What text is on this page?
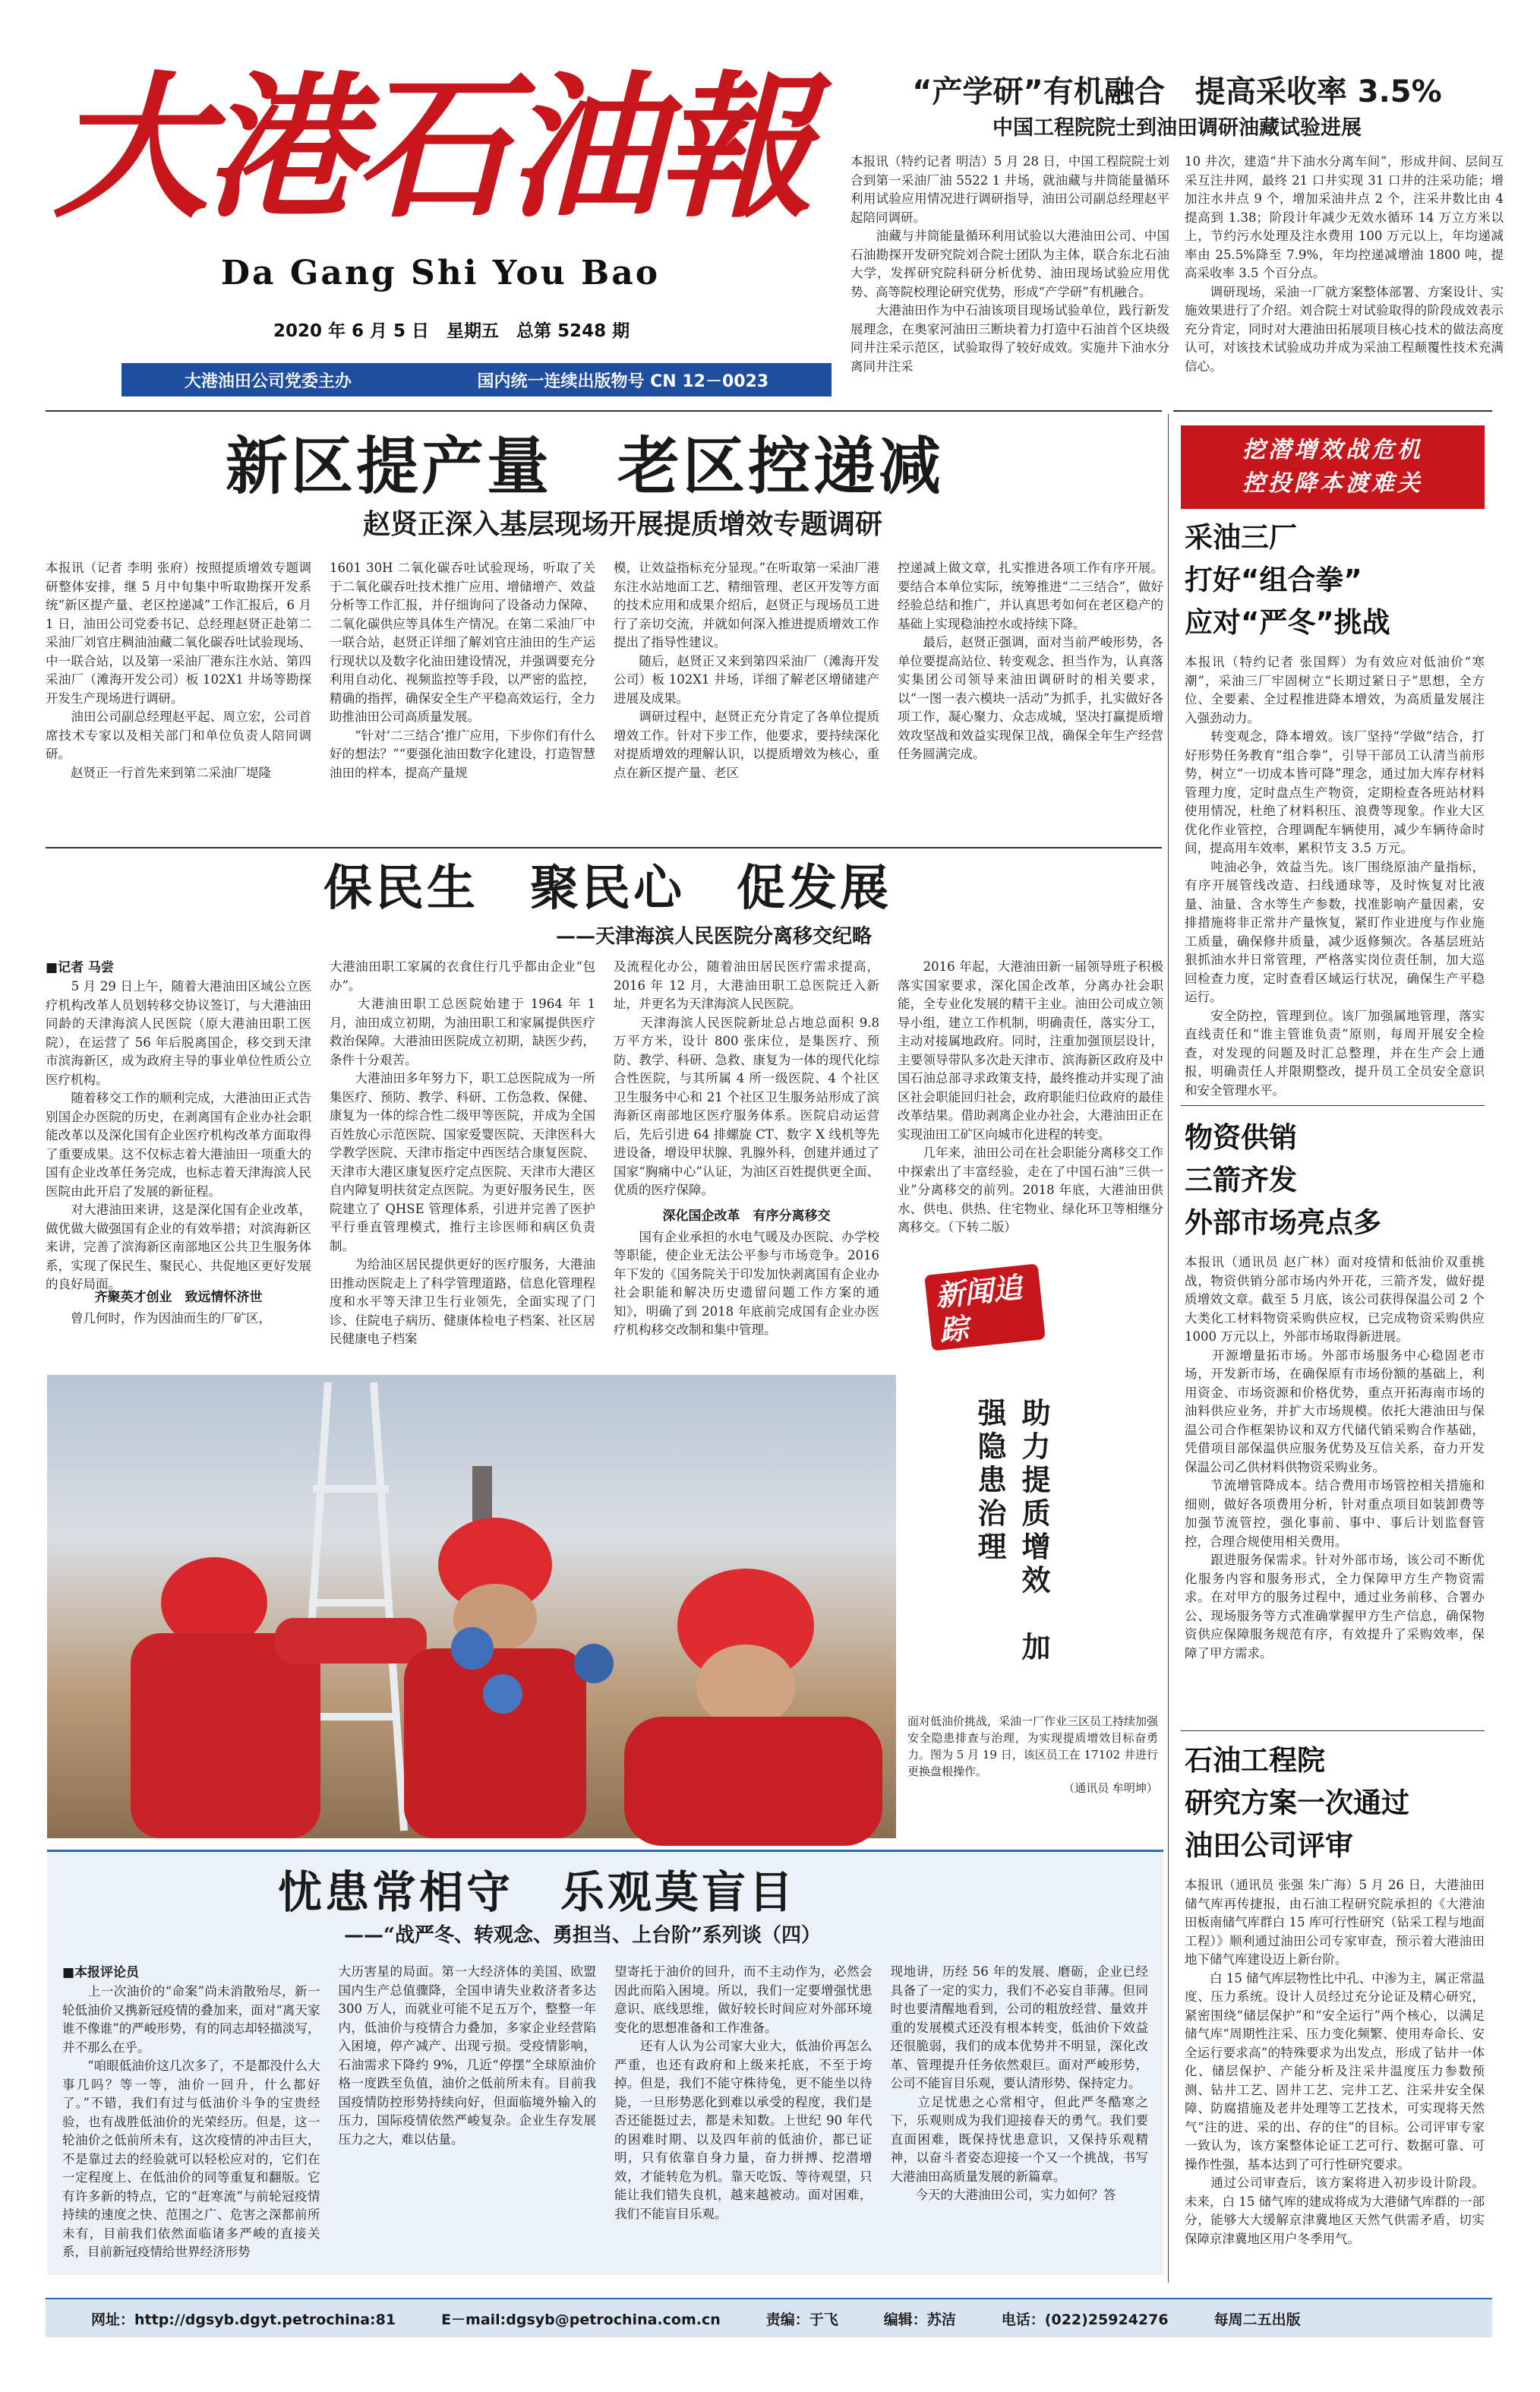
大港石油報
Da Gang Shi You Bao
2020 年 6 月 5 日　星期五　总第 5248 期
大港油田公司党委主办	国内统一连续出版物号 CN 12－0023
“产学研”有机融合　提高采收率 3.5%
中国工程院院士到油田调研油藏试验进展
本报讯（特约记者 明洁）5 月 28 日，中国工程院院士刘合到第一采油厂油 5522 1 井场，就油藏与井筒能量循环利用试验应用情况进行调研指导，油田公司副总经理赵平起陪同调研。
　　油藏与井筒能量循环利用试验以大港油田公司、中国石油勘探开发研究院刘合院士团队为主体，联合东北石油大学，发挥研究院科研分析优势、油田现场试验应用优势、高等院校理论研究优势，形成“产学研”有机融合。
　　大港油田作为中石油该项目现场试验单位，践行新发展理念，在奥家河油田三断块着力打造中石油首个区块级同井注采示范区，试验取得了较好成效。实施井下油水分离同井注采
10 井次，建造“井下油水分离车间”，形成井间、层间互采互注井网，最终 21 口井实现 31 口井的注采功能；增加注水井点 9 个，增加采油井点 2 个，注采井数比由 4 提高到 1.38；阶段计年减少无效水循环 14 万立方米以上，节约污水处理及注水费用 100 万元以上，年均递减率由 25.5%降至 7.9%，年均控递减增油 1800 吨，提高采收率 3.5 个百分点。
　　调研现场，采油一厂就方案整体部署、方案设计、实施效果进行了介绍。刘合院士对试验取得的阶段成效表示充分肯定，同时对大港油田拓展项目核心技术的做法高度认可，对该技术试验成功并成为采油工程颠覆性技术充满信心。
新区提产量　老区控递减
赵贤正深入基层现场开展提质增效专题调研
本报讯（记者 李明 张府）按照提质增效专题调研整体安排，继 5 月中旬集中听取勘探开发系统“新区提产量、老区控递减”工作汇报后，6 月 1 日，油田公司党委书记、总经理赵贤正赴第二采油厂刘官庄稠油油藏二氧化碳吞吐试验现场、中一联合站，以及第一采油厂港东注水站、第四采油厂（滩海开发公司）板 102X1 井场等勘探开发生产现场进行调研。
　　油田公司副总经理赵平起、周立宏，公司首席技术专家以及相关部门和单位负责人陪同调研。
　　赵贤正一行首先来到第二采油厂堤隆
1601 30H 二氧化碳吞吐试验现场，听取了关于二氧化碳吞吐技术推广应用、增储增产、效益分析等工作汇报，并仔细询问了设备动力保障、二氧化碳供应等具体生产情况。在第二采油厂中一联合站，赵贤正详细了解刘官庄油田的生产运行现状以及数字化油田建设情况，并强调要充分利用自动化、视频监控等手段，以严密的监控，精确的指挥，确保安全生产平稳高效运行，全力助推油田公司高质量发展。
　　“针对‘二三结合’推广应用，下步你们有什么好的想法？”“要强化油田数字化建设，打造智慧油田的样本，提高产量规
模，让效益指标充分显现。”在听取第一采油厂港东注水站地面工艺、精细管理、老区开发等方面的技术应用和成果介绍后，赵贤正与现场员工进行了亲切交流，并就如何深入推进提质增效工作提出了指导性建议。
　　随后，赵贤正又来到第四采油厂（滩海开发公司）板 102X1 井场，详细了解老区增储建产进展及成果。
　　调研过程中，赵贤正充分肯定了各单位提质增效工作。针对下步工作，他要求，要持续深化对提质增效的理解认识，以提质增效为核心，重点在新区提产量、老区
控递减上做文章，扎实推进各项工作有序开展。要结合本单位实际，统筹推进“二三结合”，做好经验总结和推广，并认真思考如何在老区稳产的基础上实现稳油控水或持续下降。
　　最后，赵贤正强调，面对当前严峻形势，各单位要提高站位、转变观念、担当作为，认真落实集团公司领导来油田调研时的相关要求，以“一图一表六模块一活动”为抓手，扎实做好各项工作，凝心聚力、众志成城，坚决打赢提质增效攻坚战和效益实现保卫战，确保全年生产经营任务圆满完成。
保民生　聚民心　促发展
——天津海滨人民医院分离移交纪略
■记者 马尝
　　5 月 29 日上午，随着大港油田区域公立医疗机构改革人员划转移交协议签订，与大港油田同龄的天津海滨人民医院（原大港油田职工医院），在运营了 56 年后脱离国企，移交到天津市滨海新区，成为政府主导的事业单位性质公立医疗机构。
　　随着移交工作的顺利完成，大港油田正式告别国企办医院的历史，在剥离国有企业办社会职能改革以及深化国有企业医疗机构改革方面取得了重要成果。这不仅标志着大港油田一项重大的国有企业改革任务完成，也标志着天津海滨人民医院由此开启了发展的新征程。
　　对大港油田来讲，这是深化国有企业改革，做优做大做强国有企业的有效举措；对滨海新区来讲，完善了滨海新区南部地区公共卫生服务体系，实现了保民生、聚民心、共促地区更好发展的良好局面。
齐聚英才创业　致远情怀济世
　　曾几何时，作为因油而生的厂矿区，
大港油田职工家属的衣食住行几乎都由企业“包办”。
　　大港油田职工总医院始建于 1964 年 1 月，油田成立初期，为油田职工和家属提供医疗救治保障。大港油田医院成立初期，缺医少药，条件十分艰苦。
　　大港油田多年努力下，职工总医院成为一所集医疗、预防、教学、科研、工伤急救、保健、康复为一体的综合性二级甲等医院，并成为全国百姓放心示范医院、国家爱婴医院、天津医科大学教学医院、天津市指定中西医结合康复医院、天津市大港区康复医疗定点医院、天津市大港区自内障复明扶贫定点医院。为更好服务民生，医院建立了 QHSE 管理体系，引进并完善了医护平行垂直管理模式，推行主诊医师和病区负责制。
　　为给油区居民提供更好的医疗服务，大港油田推动医院走上了科学管理道路，信息化管理程度和水平等天津卫生行业领先，全面实现了门诊、住院电子病历、健康体检电子档案、社区居民健康电子档案
及流程化办公，随着油田居民医疗需求提高，2016 年 12 月，大港油田职工总医院迁入新址，并更名为天津海滨人民医院。
　　天津海滨人民医院新址总占地总面积 9.8 万平方米，设计 800 张床位，是集医疗、预防、教学、科研、急救、康复为一体的现代化综合性医院，与其所属 4 所一级医院、4 个社区卫生服务中心和 21 个社区卫生服务站形成了滨海新区南部地区医疗服务体系。医院启动运营后，先后引进 64 排螺旋 CT、数字 X 线机等先进设备，增设甲状腺、乳腺外科，创建并通过了国家“胸痛中心”认证，为油区百姓提供更全面、优质的医疗保障。
深化国企改革　有序分离移交
　　国有企业承担的水电气暖及办医院、办学校等职能，使企业无法公平参与市场竞争。2016 年下发的《国务院关于印发加快剥离国有企业办社会职能和解决历史遗留问题工作方案的通知》，明确了到 2018 年底前完成国有企业办医疗机构移交改制和集中管理。
　　2016 年起，大港油田新一届领导班子积极落实国家要求，深化国企改革，分离办社会职能，全专业化发展的精干主业。油田公司成立领导小组，建立工作机制，明确责任，落实分工，主动对接属地政府。同时，注重加强顶层设计，主要领导带队多次赴天津市、滨海新区政府及中国石油总部寻求政策支持，最终推动并实现了油区社会职能回归社会，政府职能归位政府的最佳改革结果。借助剥离企业办社会，大港油田正在实现油田工矿区向城市化进程的转变。
　　几年来，油田公司在社会职能分离移交工作中探索出了丰富经验，走在了中国石油“三供一业”分离移交的前列。2018 年底，大港油田供水、供电、供热、住宅物业、绿化环卫等相继分离移交。（下转二版）
新闻追踪
助力提质增效　加强隐患治理
面对低油价挑战，采油一厂作业三区员工持续加强安全隐患排查与治理，为实现提质增效目标奋勇力。图为 5 月 19 日，该区员工在 17102 井进行更换盘根操作。
（通讯员 牟明坤）
忧患常相守　乐观莫盲目
——“战严冬、转观念、勇担当、上台阶”系列谈（四）
■本报评论员
　　上一次油价的“命案”尚未消散殆尽，新一轮低油价又携新冠疫情的叠加来，面对“离天家谁不像谁”的严峻形势，有的同志却轻描淡写，并不那么在乎。
　　“咱眼低油价这几次多了，不是都没什么大事几吗？等一等，油价一回升，什么都好了。”不错，我们有过与低油价斗争的宝贵经验，也有战胜低油价的光荣经历。但是，这一轮油价之低前所未有，这次疫情的冲击巨大，不是靠过去的经验就可以轻松应对的，它们在一定程度上、在低油价的同等重复和翻版。它有许多新的特点，它的“赶寒流”与前轮冠疫情持续的速度之快、范围之广、危害之深都前所未有，目前我们依然面临诸多严峻的直接关系，目前新冠疫情给世界经济形势
大历害星的局面。第一大经济体的美国、欧盟国内生产总值骤降，全国申请失业救济者多达 300 万人，而就业可能不足五万个，整整一年内，低油价与疫情合力叠加，多家企业经营陷入困境，停产减产、出现亏损。受疫情影响，石油需求下降约 9%，几近“停摆”全球原油价格一度跌至负值，油价之低前所未有。目前我国疫情防控形势持续向好，但面临境外输入的压力，国际疫情依然严峻复杂。企业生存发展压力之大，难以估量。
望寄托于油价的回升，而不主动作为，必然会因此而陷入困境。所以，我们一定要增强忧患意识、底线思维，做好较长时间应对外部环境变化的思想准备和工作准备。
　　还有人认为公司家大业大，低油价再怎么严重，也还有政府和上级来托底，不至于垮掉。但是，我们不能守株待兔，更不能坐以待毙，一旦形势恶化到难以承受的程度，我们是否还能挺过去，都是未知数。上世纪 90 年代的困难时期、以及四年前的低油价，都已证明，只有依靠自身力量，奋力拼搏、挖潜增效，才能转危为机。靠天吃饭、等待观望，只能让我们错失良机，越来越被动。面对困难，我们不能盲目乐观。
现地讲，历经 56 年的发展、磨砺，企业已经具备了一定的实力，我们不必妄自菲薄。但同时也要清醒地看到，公司的粗放经营、量效并重的发展模式还没有根本转变，低油价下效益还很脆弱，我们的成本优势并不明显，深化改革、管理提升任务依然艰巨。面对严峻形势，公司不能盲目乐观，要认清形势、保持定力。
　　立足忧患之心常相守，但此严冬酷寒之下，乐观则成为我们迎接春天的勇气。我们要直面困难，既保持忧患意识，又保持乐观精神，以奋斗者姿态迎接一个又一个挑战，书写大港油田高质量发展的新篇章。
　　今天的大港油田公司，实力如何？答
挖潜增效战危机
控投降本渡难关
采油三厂
打好“组合拳”
应对“严冬”挑战
本报讯（特约记者 张国辉）为有效应对低油价“寒潮”，采油三厂牢固树立“长期过紧日子”思想，全方位、全要素、全过程推进降本增效，为高质量发展注入强劲动力。
　　转变观念，降本增效。该厂坚持“学做”结合，打好形势任务教育“组合拳”，引导干部员工认清当前形势，树立“一切成本皆可降”理念，通过加大库存材料管理力度，定时盘点生产物资，定期检查各班站材料使用情况，杜绝了材料积压、浪费等现象。作业大区优化作业管控，合理调配车辆使用，减少车辆待命时间，提高用车效率，累积节支 3.5 万元。
　　吨油必争，效益当先。该厂围绕原油产量指标，有序开展管线改造、扫线通球等，及时恢复对比液量、油量、含水等生产参数，找准影响产量因素，安排措施将非正常井产量恢复，紧盯作业进度与作业施工质量，确保修井质量，减少返修频次。各基层班站狠抓油水井日常管理，严格落实岗位责任制，加大巡回检查力度，定时查看区域运行状况，确保生产平稳运行。
　　安全防控，管理到位。该厂加强属地管理，落实直线责任和“谁主管谁负责”原则，每周开展安全检查，对发现的问题及时汇总整理，并在生产会上通报，明确责任人并限期整改，提升员工全员安全意识和安全管理水平。
物资供销
三箭齐发
外部市场亮点多
本报讯（通讯员 赵广林）面对疫情和低油价双重挑战，物资供销分部市场内外开花，三箭齐发，做好提质增效文章。截至 5 月底，该公司获得保温公司 2 个大类化工材料物资采购供应权，已完成物资采购供应 1000 万元以上，外部市场取得新进展。
　　开源增量拓市场。外部市场服务中心稳固老市场，开发新市场，在确保原有市场份额的基础上，利用资金、市场资源和价格优势，重点开拓海南市场的油料供应业务，并扩大市场规模。依托大港油田与保温公司合作框架协议和双方代储代销采购合作基础，凭借项目部保温供应服务优势及互信关系，奋力开发保温公司乙供材料供物资采购业务。
　　节流增管降成本。结合费用市场管控相关措施和细则，做好各项费用分析，针对重点项目如装卸费等加强节流管控，强化事前、事中、事后计划监督管控，合理合规使用相关费用。
　　跟进服务保需求。针对外部市场，该公司不断优化服务内容和服务形式，全力保障甲方生产物资需求。在对甲方的服务过程中，通过业务前移、合署办公、现场服务等方式准确掌握甲方生产信息，确保物资供应保障服务规范有序，有效提升了采购效率，保障了甲方需求。
石油工程院
研究方案一次通过
油田公司评审
本报讯（通讯员 张强 朱广海）5 月 26 日，大港油田储气库再传捷报，由石油工程研究院承担的《大港油田板南储气库群白 15 库可行性研究（钻采工程与地面工程）》顺利通过油田公司专家审查，预示着大港油田地下储气库建设迈上新台阶。
　　白 15 储气库层物性比中孔、中渗为主，属正常温度、压力系统。设计人员经过充分论证及精心研究，紧密围绕“储层保护”和“安全运行”两个核心，以满足储气库“周期性注采、压力变化频繁、使用寿命长、安全运行要求高”的特殊要求为出发点，形成了钻井一体化、储层保护、产能分析及注采井温度压力参数预测、钻井工艺、固井工艺、完井工艺、注采井安全保障、防腐措施及老井处理等工艺技术，可实现将天然气“注的进、采的出、存的住”的目标。公司评审专家一致认为，该方案整体论证工艺可行、数据可靠、可操作性强，基本达到了可行性研究要求。
　　通过公司审查后，该方案将进入初步设计阶段。未来，白 15 储气库的建成将成为大港储气库群的一部分，能够大大缓解京津冀地区天然气供需矛盾，切实保障京津冀地区用户冬季用气。
网址：http://dgsyb.dgyt.petrochina:81	E－mail:dgsyb@petrochina.com.cn	责编：于飞	编辑：苏洁	电话：(022)25924276	每周二五出版
